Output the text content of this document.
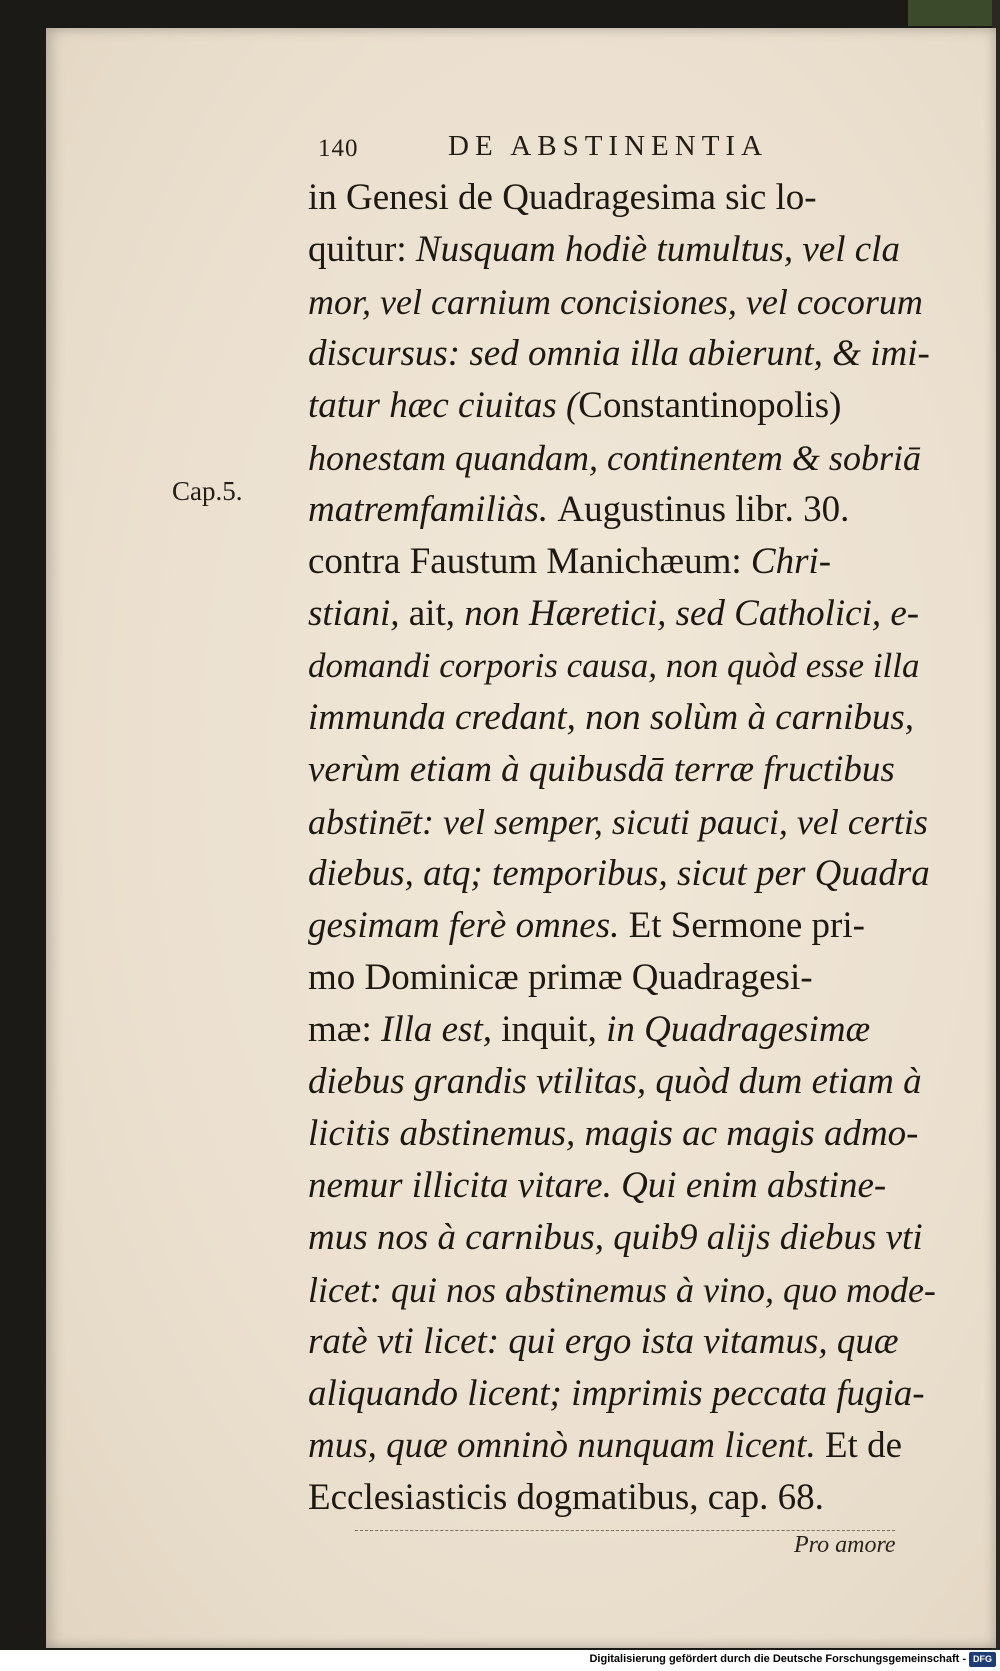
140	DE ABSTINENTIA
Cap.5.
in Genesi de Quadragesima sic lo-
quitur: Nusquam hodiè tumultus, vel cla
mor, vel carnium concisiones, vel cocorum
discursus: sed omnia illa abierunt, & imi-
tatur hæc ciuitas (Constantinopolis)
honestam quandam, continentem & sobriā
matremfamiliàs. Augustinus libr. 30.
contra Faustum Manichæum: Chri-
stiani, ait, non Hæretici, sed Catholici, e-
domandi corporis causa, non quòd esse illa
immunda credant, non solùm à carnibus,
verùm etiam à quibusdā terræ fructibus
abstinēt: vel semper, sicuti pauci, vel certis
diebus, atq; temporibus, sicut per Quadra
gesimam ferè omnes. Et Sermone pri-
mo Dominicæ primæ Quadragesi-
mæ: Illa est, inquit, in Quadragesimæ
diebus grandis vtilitas, quòd dum etiam à
licitis abstinemus, magis ac magis admo-
nemur illicita vitare. Qui enim abstine-
mus nos à carnibus, quib9 alijs diebus vti
licet: qui nos abstinemus à vino, quo mode-
ratè vti licet: qui ergo ista vitamus, quæ
aliquando licent; imprimis peccata fugia-
mus, quæ omninò nunquam licent. Et de
Ecclesiasticis dogmatibus, cap. 68.
Pro amore
Digitalisierung gefördert durch die Deutsche Forschungsgemeinschaft - DFG
